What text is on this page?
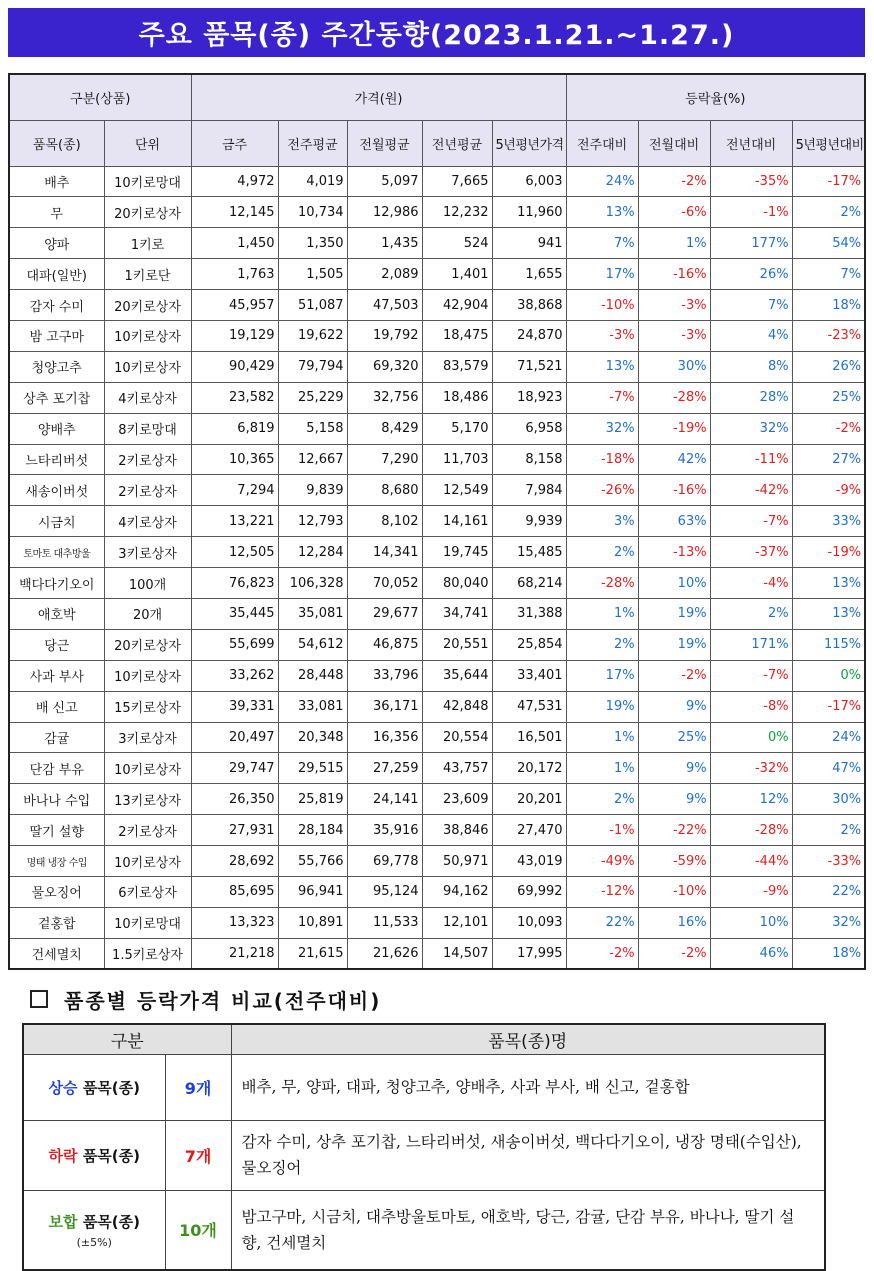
주요 품목(종) 주간동향(2023.1.21.~1.27.)
구분(상품)		가격(원)					등락율(%)			
품목(종)	단위	금주	전주평균	전월평균	전년평균	5년평년가격	전주대비	전월대비	전년대비	5년평년대비
배추	10키로망대	4,972	4,019	5,097	7,665	6,003	24%	-2%	-35%	-17%
무	20키로상자	12,145	10,734	12,986	12,232	11,960	13%	-6%	-1%	2%
양파	1키로	1,450	1,350	1,435	524	941	7%	1%	177%	54%
대파(일반)	1키로단	1,763	1,505	2,089	1,401	1,655	17%	-16%	26%	7%
감자 수미	20키로상자	45,957	51,087	47,503	42,904	38,868	-10%	-3%	7%	18%
밤 고구마	10키로상자	19,129	19,622	19,792	18,475	24,870	-3%	-3%	4%	-23%
청양고추	10키로상자	90,429	79,794	69,320	83,579	71,521	13%	30%	8%	26%
상추 포기찹	4키로상자	23,582	25,229	32,756	18,486	18,923	-7%	-28%	28%	25%
양배추	8키로망대	6,819	5,158	8,429	5,170	6,958	32%	-19%	32%	-2%
느타리버섯	2키로상자	10,365	12,667	7,290	11,703	8,158	-18%	42%	-11%	27%
새송이버섯	2키로상자	7,294	9,839	8,680	12,549	7,984	-26%	-16%	-42%	-9%
시금치	4키로상자	13,221	12,793	8,102	14,161	9,939	3%	63%	-7%	33%
토마토 대추방울	3키로상자	12,505	12,284	14,341	19,745	15,485	2%	-13%	-37%	-19%
백다다기오이	100개	76,823	106,328	70,052	80,040	68,214	-28%	10%	-4%	13%
애호박	20개	35,445	35,081	29,677	34,741	31,388	1%	19%	2%	13%
당근	20키로상자	55,699	54,612	46,875	20,551	25,854	2%	19%	171%	115%
사과 부사	10키로상자	33,262	28,448	33,796	35,644	33,401	17%	-2%	-7%	0%
배 신고	15키로상자	39,331	33,081	36,171	42,848	47,531	19%	9%	-8%	-17%
감귤	3키로상자	20,497	20,348	16,356	20,554	16,501	1%	25%	0%	24%
단감 부유	10키로상자	29,747	29,515	27,259	43,757	20,172	1%	9%	-32%	47%
바나나 수입	13키로상자	26,350	25,819	24,141	23,609	20,201	2%	9%	12%	30%
딸기 설향	2키로상자	27,931	28,184	35,916	38,846	27,470	-1%	-22%	-28%	2%
명태 냉장 수입	10키로상자	28,692	55,766	69,778	50,971	43,019	-49%	-59%	-44%	-33%
물오징어	6키로상자	85,695	96,941	95,124	94,162	69,992	-12%	-10%	-9%	22%
겉홍합	10키로망대	13,323	10,891	11,533	12,101	10,093	22%	16%	10%	32%
건세멸치	1.5키로상자	21,218	21,615	21,626	14,507	17,995	-2%	-2%	46%	18%
품종별 등락가격 비교(전주대비)
구분		품목(종)명
상승 품목(종)	9개	배추, 무, 양파, 대파, 청양고추, 양배추, 사과 부사, 배 신고, 겉홍합
하락 품목(종)	7개	감자 수미, 상추 포기찹, 느타리버섯, 새송이버섯, 백다다기오이, 냉장 명태(수입산), 물오징어
보합 품목(종)
(±5%)	10개	밤고구마, 시금치, 대추방울토마토, 애호박, 당근, 감귤, 단감 부유, 바나나, 딸기 설향, 건세멸치
